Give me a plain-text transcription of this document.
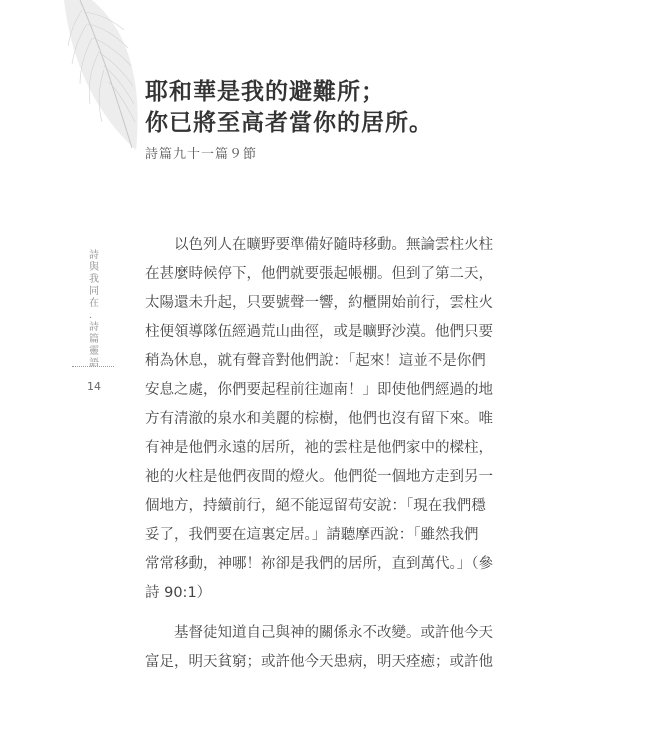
耶和華是我的避難所；
你已將至高者當你的居所。
詩篇九十一篇９節
詩
與
我
同
在
．
詩
篇
靈
語
14

以色列人在曠野要準備好隨時移動。無論雲柱火柱
在甚麼時候停下，他們就要張起帳棚。但到了第二天，
太陽還未升起，只要號聲一響，約櫃開始前行，雲柱火
柱便領導隊伍經過荒山曲徑，或是曠野沙漠。他們只要
稍為休息，就有聲音對他們說：「起來！這並不是你們
安息之處，你們要起程前往迦南！」即使他們經過的地
方有清澈的泉水和美麗的棕樹，他們也沒有留下來。唯
有神是他們永遠的居所，祂的雲柱是他們家中的樑柱，
祂的火柱是他們夜間的燈火。他們從一個地方走到另一
個地方，持續前行，絕不能逗留苟安說：「現在我們穩
妥了，我們要在這裏定居。」請聽摩西說：「雖然我們
常常移動，神哪！祢卻是我們的居所，直到萬代。」（參
詩 90:1）

基督徒知道自己與神的關係永不改變。或許他今天
富足，明天貧窮；或許他今天患病，明天痊癒；或許他
